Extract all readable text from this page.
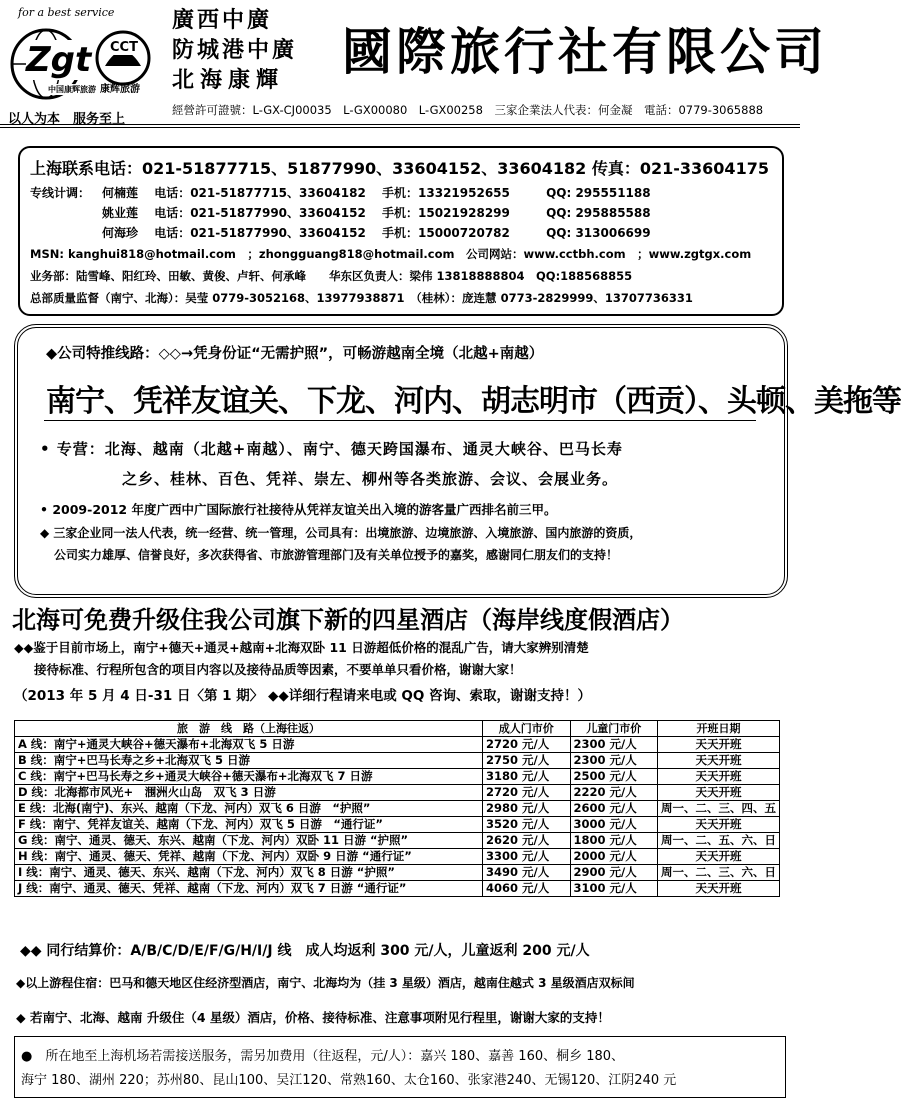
for a best service
Zgt CCT
中国康辉旅游 康辉旅游
以人为本　服务至上
廣西中廣
防城港中廣
北海康輝	國際旅行社有限公司
經營許可證號：L-GX-CJ00035　L-GX00080　L-GX00258　三家企業法人代表：何金凝　電話：0779-3065888
上海联系电话：021-51877715、51877990、33604152、33604182 传真：021-33604175
专线计调： 何楠莲 电话：021-51877715、33604182 手机：13321952655	QQ: 295551188
姚业莲 电话：021-51877990、33604152 手机：15021928299	QQ: 295885588
何海珍 电话：021-51877990、33604152 手机：15000720782	QQ: 313006699
MSN: kanghui818@hotmail.com　；zhongguang818@hotmail.com　公司网站：www.cctbh.com　；www.zgtgx.com
业务部：陆雪峰、阳红玲、田敏、黄俊、卢轩、何承峰　　华东区负责人：梁伟 13818888804　QQ:188568855
总部质量监督（南宁、北海）：吴莹 0779-3052168、13977938871　（桂林）：庞连慧 0773-2829999、13707736331
◆公司特推线路：◇◇→凭身份证“无需护照”，可畅游越南全境（北越+南越）
南宁、凭祥友谊关、下龙、河内、胡志明市（西贡）、头顿、美拖等
• 专营：北海、越南（北越+南越）、南宁、德天跨国瀑布、通灵大峡谷、巴马长寿
之乡、桂林、百色、凭祥、崇左、柳州等各类旅游、会议、会展业务。
• 2009-2012 年度广西中广国际旅行社接待从凭祥友谊关出入境的游客量广西排名前三甲。
◆ 三家企业同一法人代表，统一经营、统一管理，公司具有：出境旅游、边境旅游、入境旅游、国内旅游的资质，
公司实力雄厚、信誉良好，多次获得省、市旅游管理部门及有关单位授予的嘉奖，感谢同仁朋友们的支持！
北海可免费升级住我公司旗下新的四星酒店（海岸线度假酒店）
◆◆鉴于目前市场上，南宁+德天+通灵+越南+北海双卧 11 日游超低价格的混乱广告，请大家辨别清楚
接待标准、行程所包含的项目内容以及接待品质等因素，不要单单只看价格，谢谢大家！
（2013 年 5 月 4 日-31 日〈第 1 期〉 ◆◆详细行程请来电或 QQ 咨询、索取，谢谢支持！）
旅　游　线　路（上海往返）	成人门市价	儿童门市价	开班日期
A 线：南宁+通灵大峡谷+德天瀑布+北海双飞 5 日游	2720 元/人	2300 元/人	天天开班
B 线：南宁+巴马长寿之乡+北海双飞 5 日游	2750 元/人	2300 元/人	天天开班
C 线：南宁+巴马长寿之乡+通灵大峡谷+德天瀑布+北海双飞 7 日游	3180 元/人	2500 元/人	天天开班
D 线：北海都市风光+　涠洲火山岛　双飞 3 日游	2720 元/人	2220 元/人	天天开班
E 线：北海(南宁)、东兴、越南（下龙、河内）双飞 6 日游　“护照”	2980 元/人	2600 元/人	周一、二、三、四、五
F 线：南宁、凭祥友谊关、越南（下龙、河内）双飞 5 日游　“通行证”	3520 元/人	3000 元/人	天天开班
G 线：南宁、通灵、德天、东兴、越南（下龙、河内）双卧 11 日游 “护照”	2620 元/人	1800 元/人	周一、二、五、六、日
H 线：南宁、通灵、德天、凭祥、越南（下龙、河内）双卧 9 日游 “通行证”	3300 元/人	2000 元/人	天天开班
I 线：南宁、通灵、德天、东兴、越南（下龙、河内）双飞 8 日游 “护照”	3490 元/人	2900 元/人	周一、二、三、六、日
J 线：南宁、通灵、德天、凭祥、越南（下龙、河内）双飞 7 日游 “通行证”	4060 元/人	3100 元/人	天天开班
◆◆ 同行结算价：A/B/C/D/E/F/G/H/I/J 线　成人均返利 300 元/人，儿童返利 200 元/人
◆以上游程住宿：巴马和德天地区住经济型酒店，南宁、北海均为（挂 3 星级）酒店，越南住越式 3 星级酒店双标间
◆ 若南宁、北海、越南 升级住（4 星级）酒店，价格、接待标准、注意事项附见行程里，谢谢大家的支持！
●　所在地至上海机场若需接送服务，需另加费用（往返程，元/人）：嘉兴 180、嘉善 160、桐乡 180、
海宁 180、湖州 220；苏州80、昆山100、吴江120、常熟160、太仓160、张家港240、无锡120、江阴240 元
